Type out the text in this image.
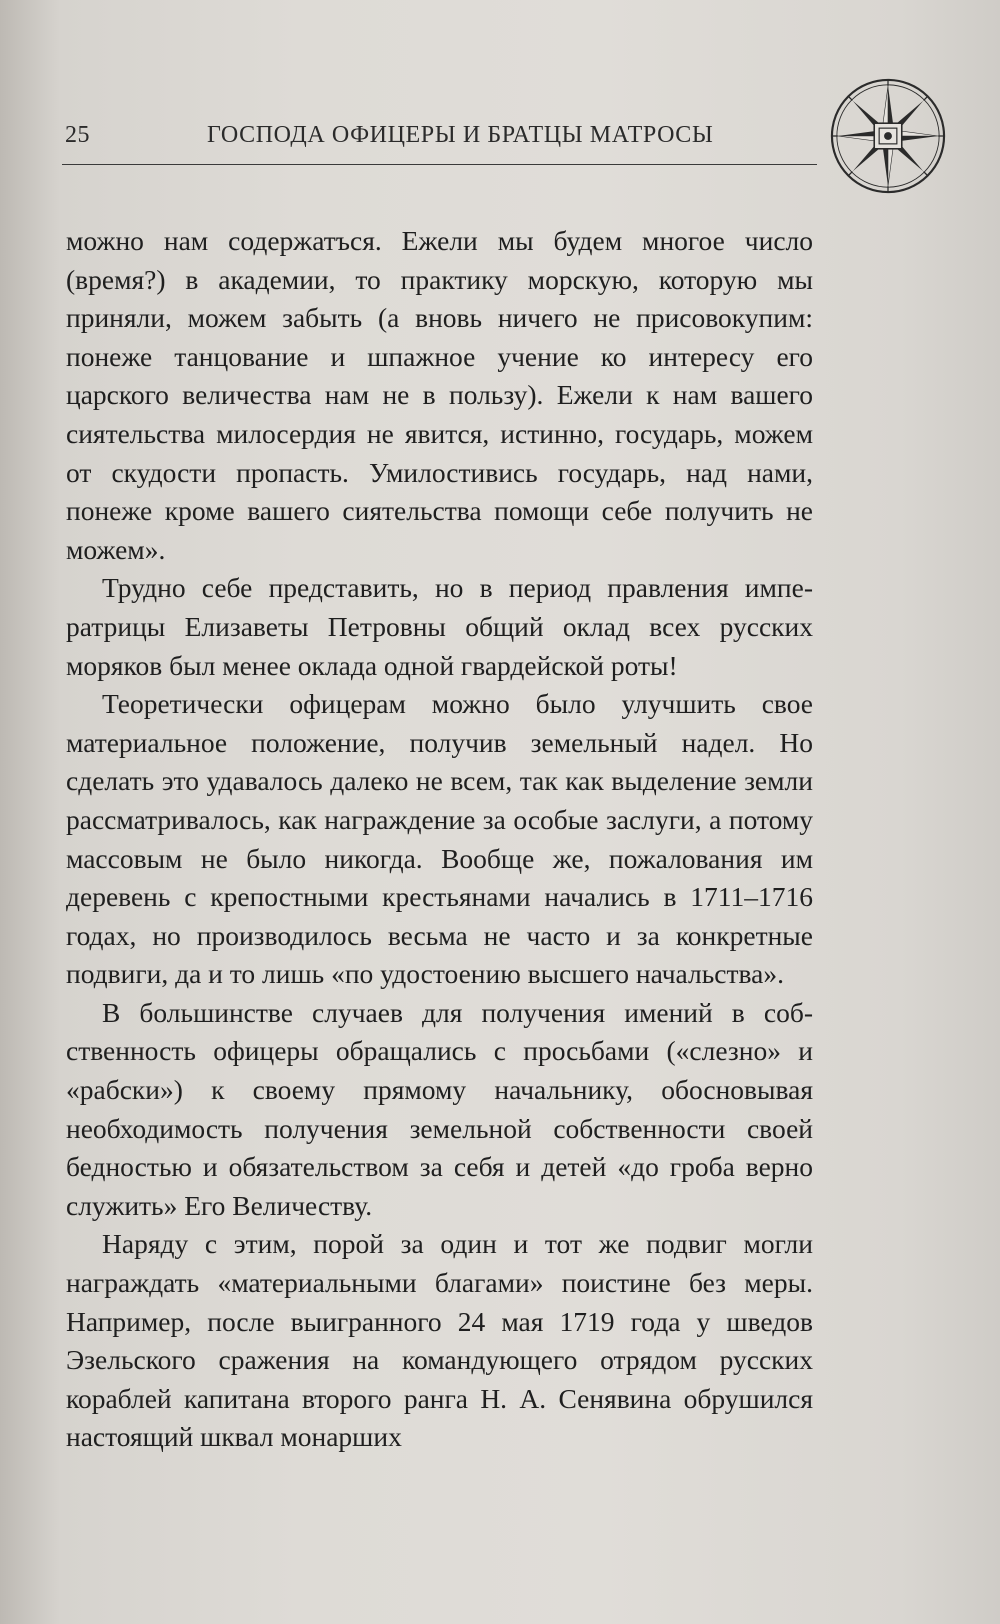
25	ГОСПОДА ОФИЦЕРЫ И БРАТЦЫ МАТРОСЫ

можно нам содержатъся. Ежели мы будем многое число (время?) в академии, то практику морскую, которую мы приняли, можем забыть (а вновь ничего не присовокупим: понеже танцование и шпажное учение ко интересу его царского величества нам не в пользу). Ежели к нам вашего сиятельства милосердия не явится, истинно, государь, можем от скудости пропасть. Умилостивись государь, над нами, понеже кроме вашего сиятельства помощи себе получить не можем».

Трудно себе представить, но в период правления императрицы Елизаветы Петровны общий оклад всех русских моряков был менее оклада одной гвардейской роты!

Теоретически офицерам можно было улучшить свое материальное положение, получив земельный надел. Но сделать это удавалось далеко не всем, так как выделение земли рассматривалось, как награждение за особые заслуги, а потому массовым не было никогда. Вообще же, пожалования им деревень с крепостными крестьянами начались в 1711–1716 годах, но производилось весьма не часто и за конкретные подвиги, да и то лишь «по удостоению высшего начальства».

В большинстве случаев для получения имений в собственность офицеры обращались с просьбами («слезно» и «рабски») к своему прямому начальнику, обосновывая необходимость получения земельной собственности своей бедностью и обязательством за себя и детей «до гроба верно служить» Его Величеству.

Наряду с этим, порой за один и тот же подвиг могли награждать «материальными благами» поистине без меры. Например, после выигранного 24 мая 1719 года у шведов Эзельского сражения на командующего отрядом русских кораблей капитана второго ранга Н. А. Сенявина обрушился настоящий шквал монарших
